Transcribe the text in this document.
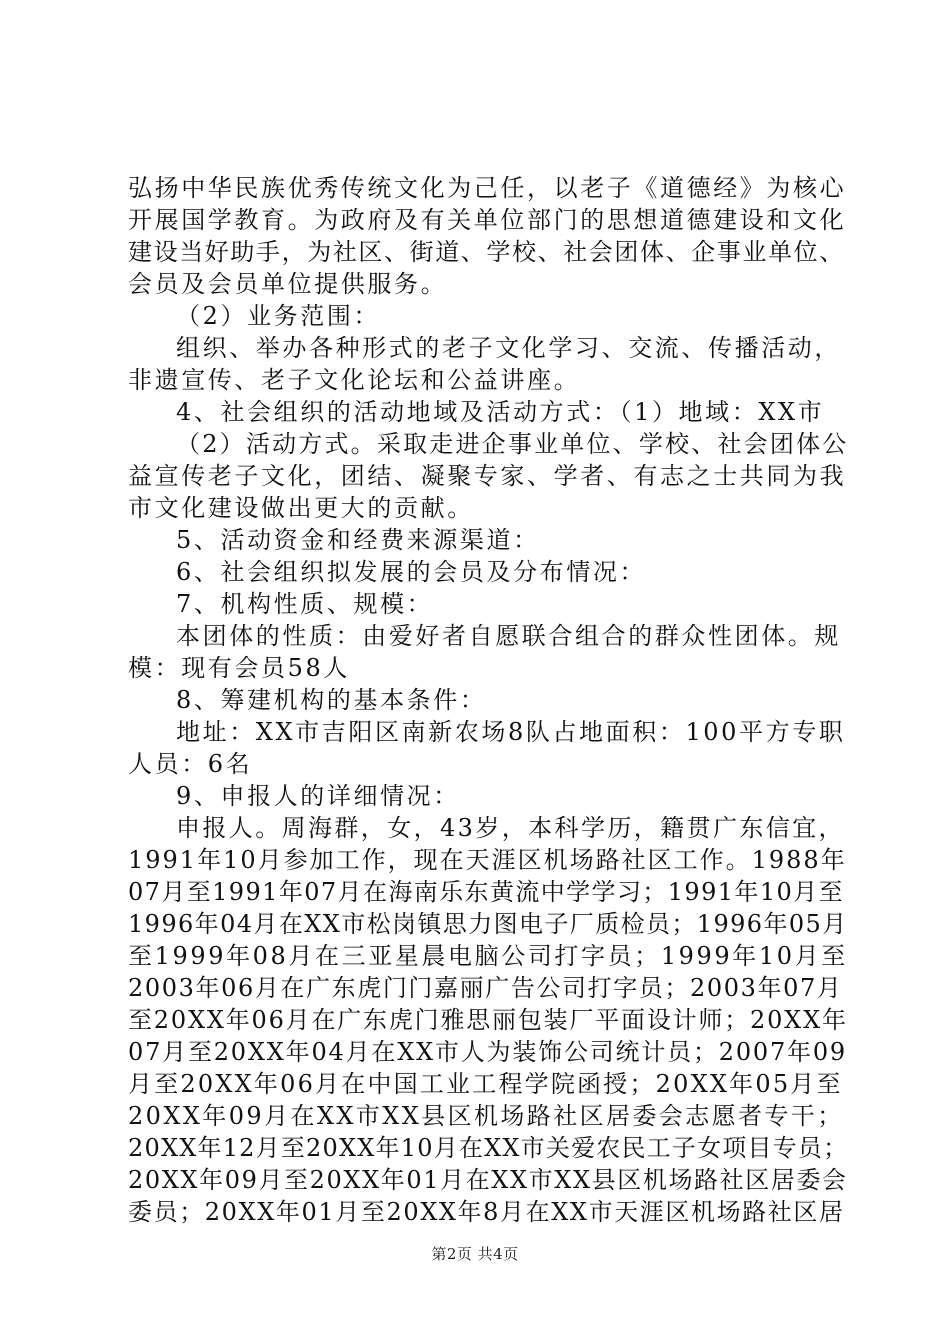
弘扬中华民族优秀传统文化为己任，以老子《道德经》为核心
开展国学教育。为政府及有关单位部门的思想道德建设和文化
建设当好助手，为社区、街道、学校、社会团体、企事业单位、
会员及会员单位提供服务。
（2）业务范围：
组织、举办各种形式的老子文化学习、交流、传播活动，
非遗宣传、老子文化论坛和公益讲座。
4、社会组织的活动地域及活动方式：（1）地域：XX市
（2）活动方式。采取走进企事业单位、学校、社会团体公
益宣传老子文化，团结、凝聚专家、学者、有志之士共同为我
市文化建设做出更大的贡献。
5、活动资金和经费来源渠道：
6、社会组织拟发展的会员及分布情况：
7、机构性质、规模：
本团体的性质：由爱好者自愿联合组合的群众性团体。规
模：现有会员58人
8、筹建机构的基本条件：
地址：XX市吉阳区南新农场8队占地面积：100平方专职
人员：6名
9、申报人的详细情况：
申报人。周海群，女，43岁，本科学历，籍贯广东信宜，
1991年10月参加工作，现在天涯区机场路社区工作。1988年
07月至1991年07月在海南乐东黄流中学学习；1991年10月至
1996年04月在XX市松岗镇思力图电子厂质检员；1996年05月
至1999年08月在三亚星晨电脑公司打字员；1999年10月至
2003年06月在广东虎门门嘉丽广告公司打字员；2003年07月
至20XX年06月在广东虎门雅思丽包装厂平面设计师；20XX年
07月至20XX年04月在XX市人为装饰公司统计员；2007年09
月至20XX年06月在中国工业工程学院函授；20XX年05月至
20XX年09月在XX市XX县区机场路社区居委会志愿者专干；
20XX年12月至20XX年10月在XX市关爱农民工子女项目专员；
20XX年09月至20XX年01月在XX市XX县区机场路社区居委会
委员；20XX年01月至20XX年8月在XX市天涯区机场路社区居
第2页 共4页
